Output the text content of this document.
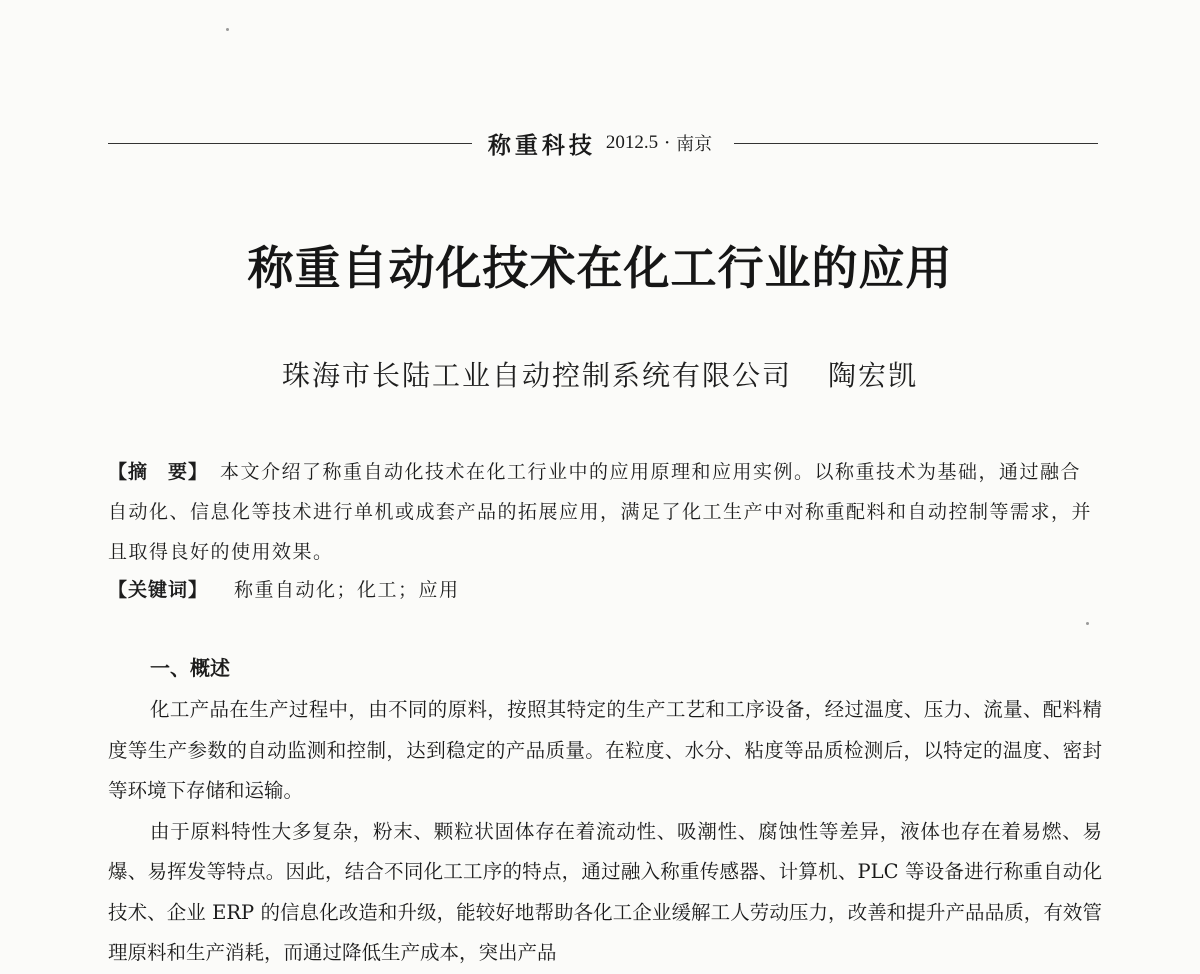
称重科技 2012.5 · 南京
称重自动化技术在化工行业的应用
珠海市长陆工业自动控制系统有限公司 陶宏凯
【摘　要】 本文介绍了称重自动化技术在化工行业中的应用原理和应用实例。以称重技术为基础，通过融合自动化、信息化等技术进行单机或成套产品的拓展应用，满足了化工生产中对称重配料和自动控制等需求，并且取得良好的使用效果。
【关键词】 称重自动化；化工；应用
一、概述

化工产品在生产过程中，由不同的原料，按照其特定的生产工艺和工序设备，经过温度、压力、流量、配料精度等生产参数的自动监测和控制，达到稳定的产品质量。在粒度、水分、粘度等品质检测后，以特定的温度、密封等环境下存储和运输。

由于原料特性大多复杂，粉末、颗粒状固体存在着流动性、吸潮性、腐蚀性等差异，液体也存在着易燃、易爆、易挥发等特点。因此，结合不同化工工序的特点，通过融入称重传感器、计算机、PLC 等设备进行称重自动化技术、企业 ERP 的信息化改造和升级，能较好地帮助各化工企业缓解工人劳动压力，改善和提升产品品质，有效管理原料和生产消耗，而通过降低生产成本，突出产品
